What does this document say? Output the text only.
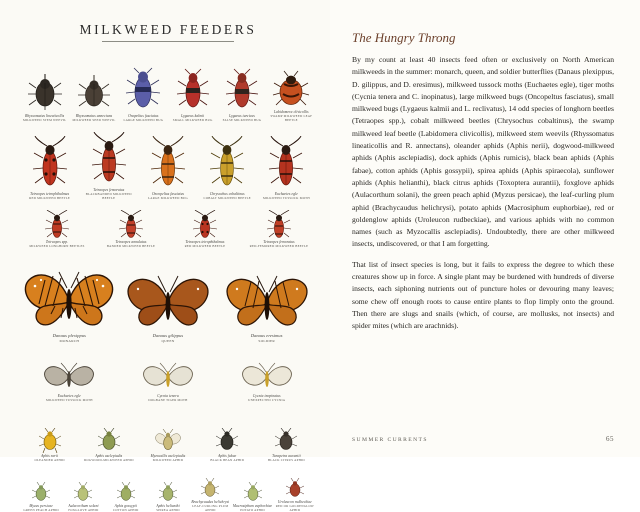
MILKWEED FEEDERS
Rhyssomatus lineaticollis
MILKWEED STEM WEEVIL
Rhyssomatus annectans
MILKWEED SEED WEEVIL
Onopeltus fasciatus
LARGE MILKWEED BUG
Lygaeus kalmii
SMALL MILKWEED BUG
Lygaeus turcicus
FALSE MILKWEED BUG
Labidomera clivicollis
SWAMP MILKWEED LEAF BEETLE
Tetraopes tetrophthalmus
RED MILKWEED BEETLE
Tetraopes femoratus
BLACKBANDED MILKWEED BEETLE
Oncopeltus fasciatus
LARGE MILKWEED BUG
Chrysochus cobaltinus
COBALT MILKWEED BEETLE
Euchaetes egle
MILKWEED TUSSOCK MOTH
Tetraopes spp.
MILKWEED LONGHORN BEETLES
Tetraopes annulatus
BANDED MILKWEED BEETLE
Tetraopes tetrophthalmus
RED MILKWEED BEETLE
Tetraopes femoratus
RED-FEMORED MILKWEED BEETLE
Danaus plexippus
MONARCH
Danaus gilippus
QUEEN
Danaus eresimus
SOLDIER
Euchaetes egle
MILKWEED TUSSOCK MOTH
Cycnia tenera
DOGBANE TIGER MOTH
Cycnia inopinatus
UNEXPECTED CYCNIA
Aphis nerii
OLEANDER APHID
Aphis asclepiadis
DOGWOOD-MILKWEED APHID
Myzocallis asclepiadis
MILKWEED APHID
Aphis fabae
BLACK BEAN APHID
Tarapetra aurantii
BLACK CITRUS APHID
Myzus persicae
GREEN PEACH APHID
Aulacorthum solani
FOXGLOVE APHID
Aphis gossypii
COTTON APHID
Aphis helianthi
SPIREA APHID
Brachycaudus helichrysi
LEAF-CURLING PLUM APHID
Macrosiphum euphorbiae
POTATO APHID
Uroleucon rudbeckiae
RED OR GOLDENGLOW APHID
The Hungry Throng

By my count at least 40 insects feed often or exclusively on North American milkweeds in the summer: monarch, queen, and soldier butterflies (Danaus plexippus, D. gilippus, and D. eresimus), milkweed tussock moths (Euchaetes egle), tiger moths (Cycnia tenera and C. inopinatus), large milkweed bugs (Oncopeltus fasciatus), small milkweed bugs (Lygaeus kalmii and L. reclivatus), 14 odd species of longhorn beetles (Tetraopes spp.), cobalt milkweed beetles (Chrysochus cobaltinus), the swamp milkweed leaf beetle (Labidomera clivicollis), milkweed stem weevils (Rhyssomatus lineaticollis and R. annectans), oleander aphids (Aphis nerii), dogwood-milkweed aphids (Aphis asclepiadis), dock aphids (Aphis rumicis), black bean aphids (Aphis fabae), cotton aphids (Aphis gossypii), spirea aphids (Aphis spiraecola), sunflower aphids (Aphis helianthi), black citrus aphids (Toxoptera aurantii), foxglove aphids (Aulacorthum solani), the green peach aphid (Myzus persicae), the leaf-curling plum aphid (Brachycaudus helichrysi), potato aphids (Macrosiphum euphorbiae), red or goldenglow aphids (Uroleucon rudbeckiae), and various aphids with no common names (such as Myzocallis asclepiadis). Undoubtedly, there are other milkweed insects, undiscovered, or that I am forgetting.

That list of insect species is long, but it fails to express the degree to which these creatures show up in force. A single plant may be burdened with hundreds of diverse insects, each siphoning nutrients out of puncture holes or devouring many leaves; some chew off enough roots to cause entire plants to flop limply onto the ground. Then there are slugs and snails (which, of course, are mollusks, not insects) and spider mites (which are arachnids).

SUMMER CURRENTS	65
